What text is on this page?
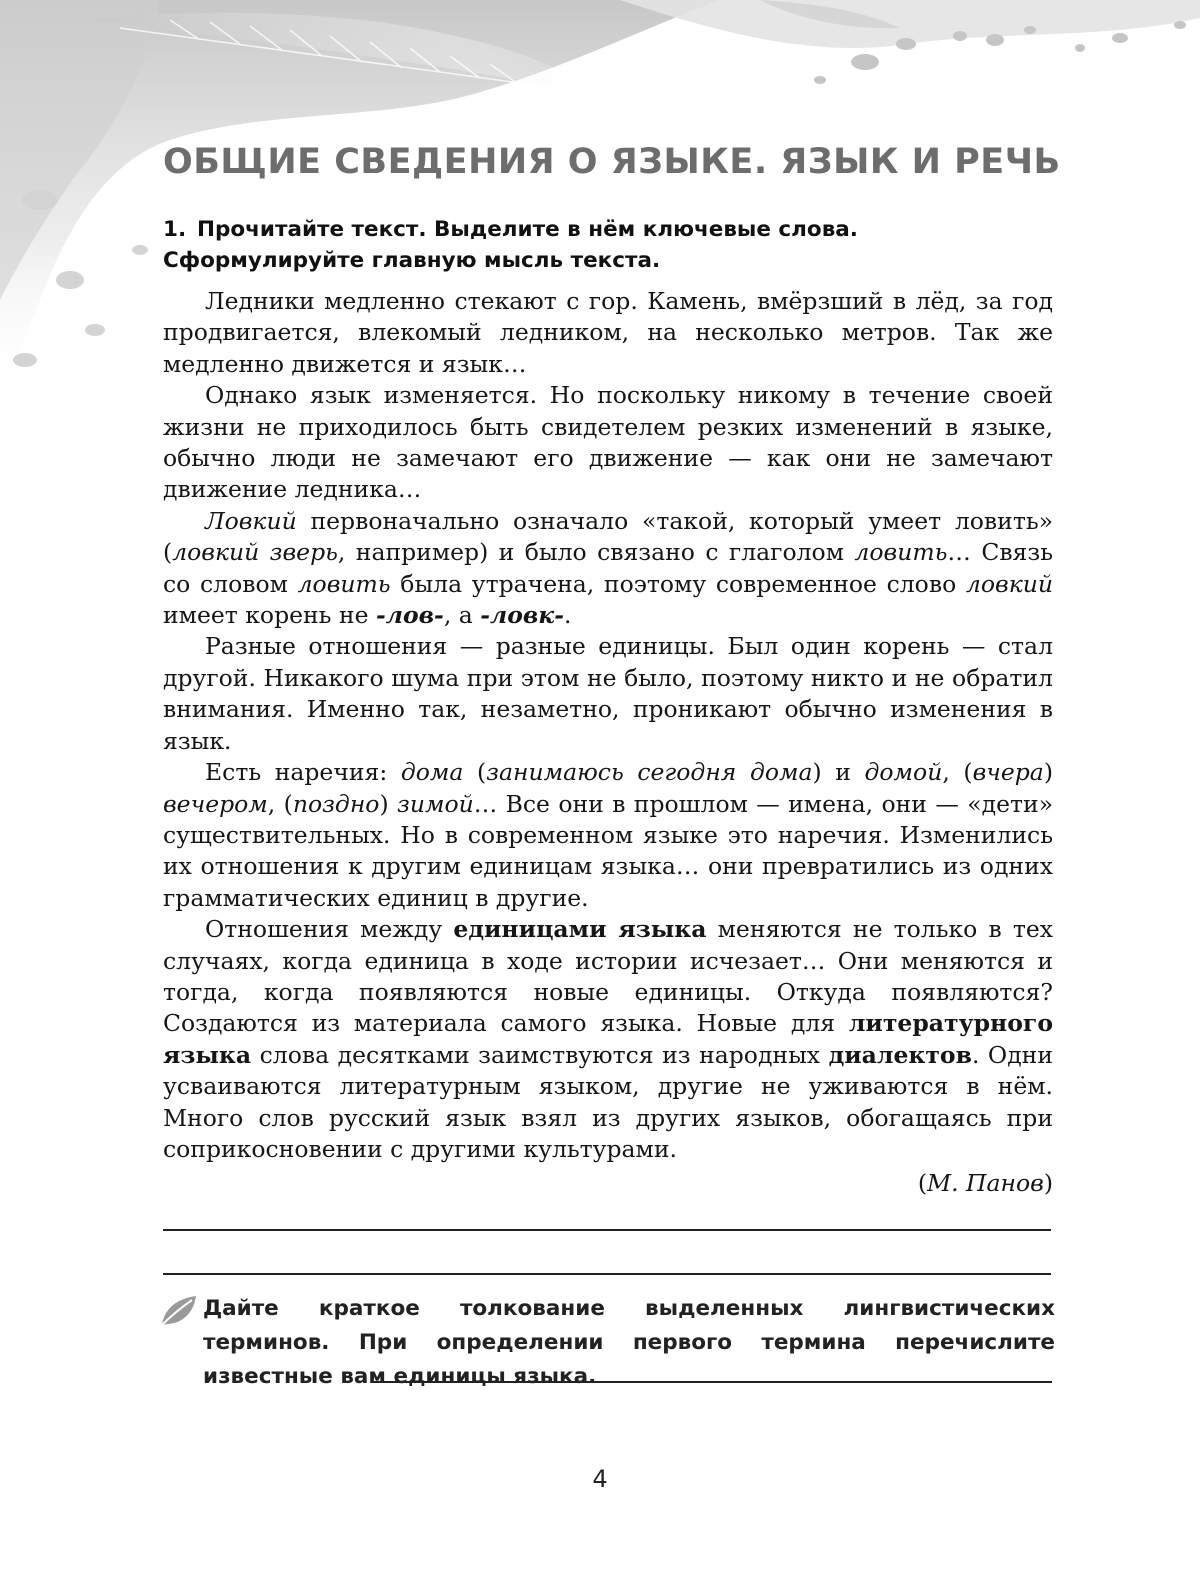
ОБЩИЕ СВЕДЕНИЯ О ЯЗЫКЕ. ЯЗЫК И РЕЧЬ
1. Прочитайте текст. Выделите в нём ключевые слова. Сформулируйте главную мысль текста.

Ледники медленно стекают с гор. Камень, вмёрзший в лёд, за год продвигается, влекомый ледником, на несколько метров. Так же медленно движется и язык…

Однако язык изменяется. Но поскольку никому в течение своей жизни не приходилось быть свидетелем резких изменений в языке, обычно люди не замечают его движение — как они не замечают движение ледника…

Ловкий первоначально означало «такой, который умеет ловить» (ловкий зверь, например) и было связано с глаголом ловить… Связь со словом ловить была утрачена, поэтому современное слово ловкий имеет корень не -лов-, а -ловк-.

Разные отношения — разные единицы. Был один корень — стал другой. Никакого шума при этом не было, поэтому никто и не обратил внимания. Именно так, незаметно, проникают обычно изменения в язык.

Есть наречия: дома (занимаюсь сегодня дома) и домой, (вчера) вечером, (поздно) зимой… Все они в прошлом — имена, они — «дети» существительных. Но в современном языке это наречия. Изменились их отношения к другим единицам языка… они превратились из одних грамматических единиц в другие.

Отношения между единицами языка меняются не только в тех случаях, когда единица в ходе истории исчезает… Они меняются и тогда, когда появляются новые единицы. Откуда появляются? Создаются из материала самого языка. Новые для литературного языка слова десятками заимствуются из народных диалектов. Одни усваиваются литературным языком, другие не уживаются в нём. Много слов русский язык взял из других языков, обогащаясь при соприкосновении с другими культурами.

(М. Панов)

Дайте краткое толкование выделенных лингвистических терминов. При определении первого термина перечислите известные вам единицы языка.
4
